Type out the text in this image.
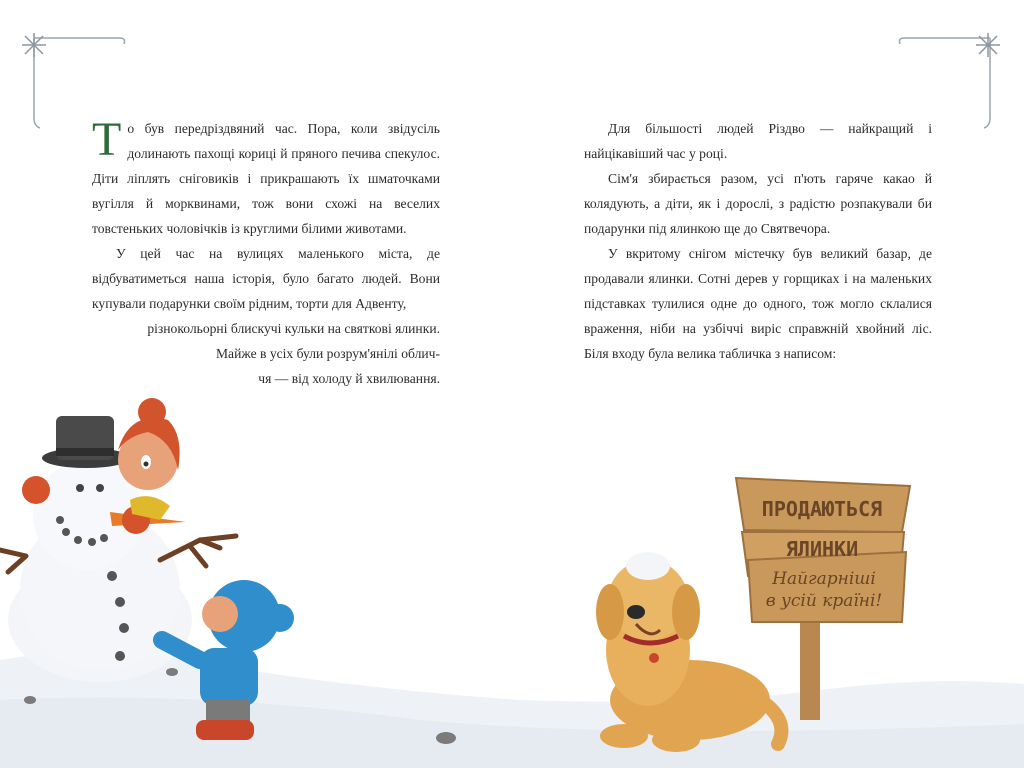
ПРОДАЮТЬСЯ
ЯЛИНКИ
Найгарніші
в усій країні!

То був передріздвяний час. Пора, коли звідусіль долинають пахощі кориці й пряного печива спекулос. Діти ліплять сніговиків і прикрашають їх шматочками вугілля й морквинами, тож вони схожі на веселих товстеньких чоловічків із круглими білими животами.

У цей час на вулицях маленького міста, де відбуватиметься наша історія, було багато людей. Вони купували подарунки своїм рідним, торти для Адвенту,

різнокольорні блискучі кульки на святкові ялинки.

Майже в усіх були розрум'янілі облич-

чя — від холоду й хвилювання.

Для більшості людей Різдво — найкращий і найцікавіший час у році.

Сім'я збирається разом, усі п'ють гаряче какао й колядують, а діти, як і дорослі, з радістю розпакували би подарунки під ялинкою ще до Святвечора.

У вкритому снігом містечку був великий базар, де продавали ялинки. Сотні дерев у горщиках і на маленьких підставках тулилися одне до одного, тож могло склалися враження, ніби на узбіччі виріс справжній хвойний ліс. Біля входу була велика табличка з написом:
